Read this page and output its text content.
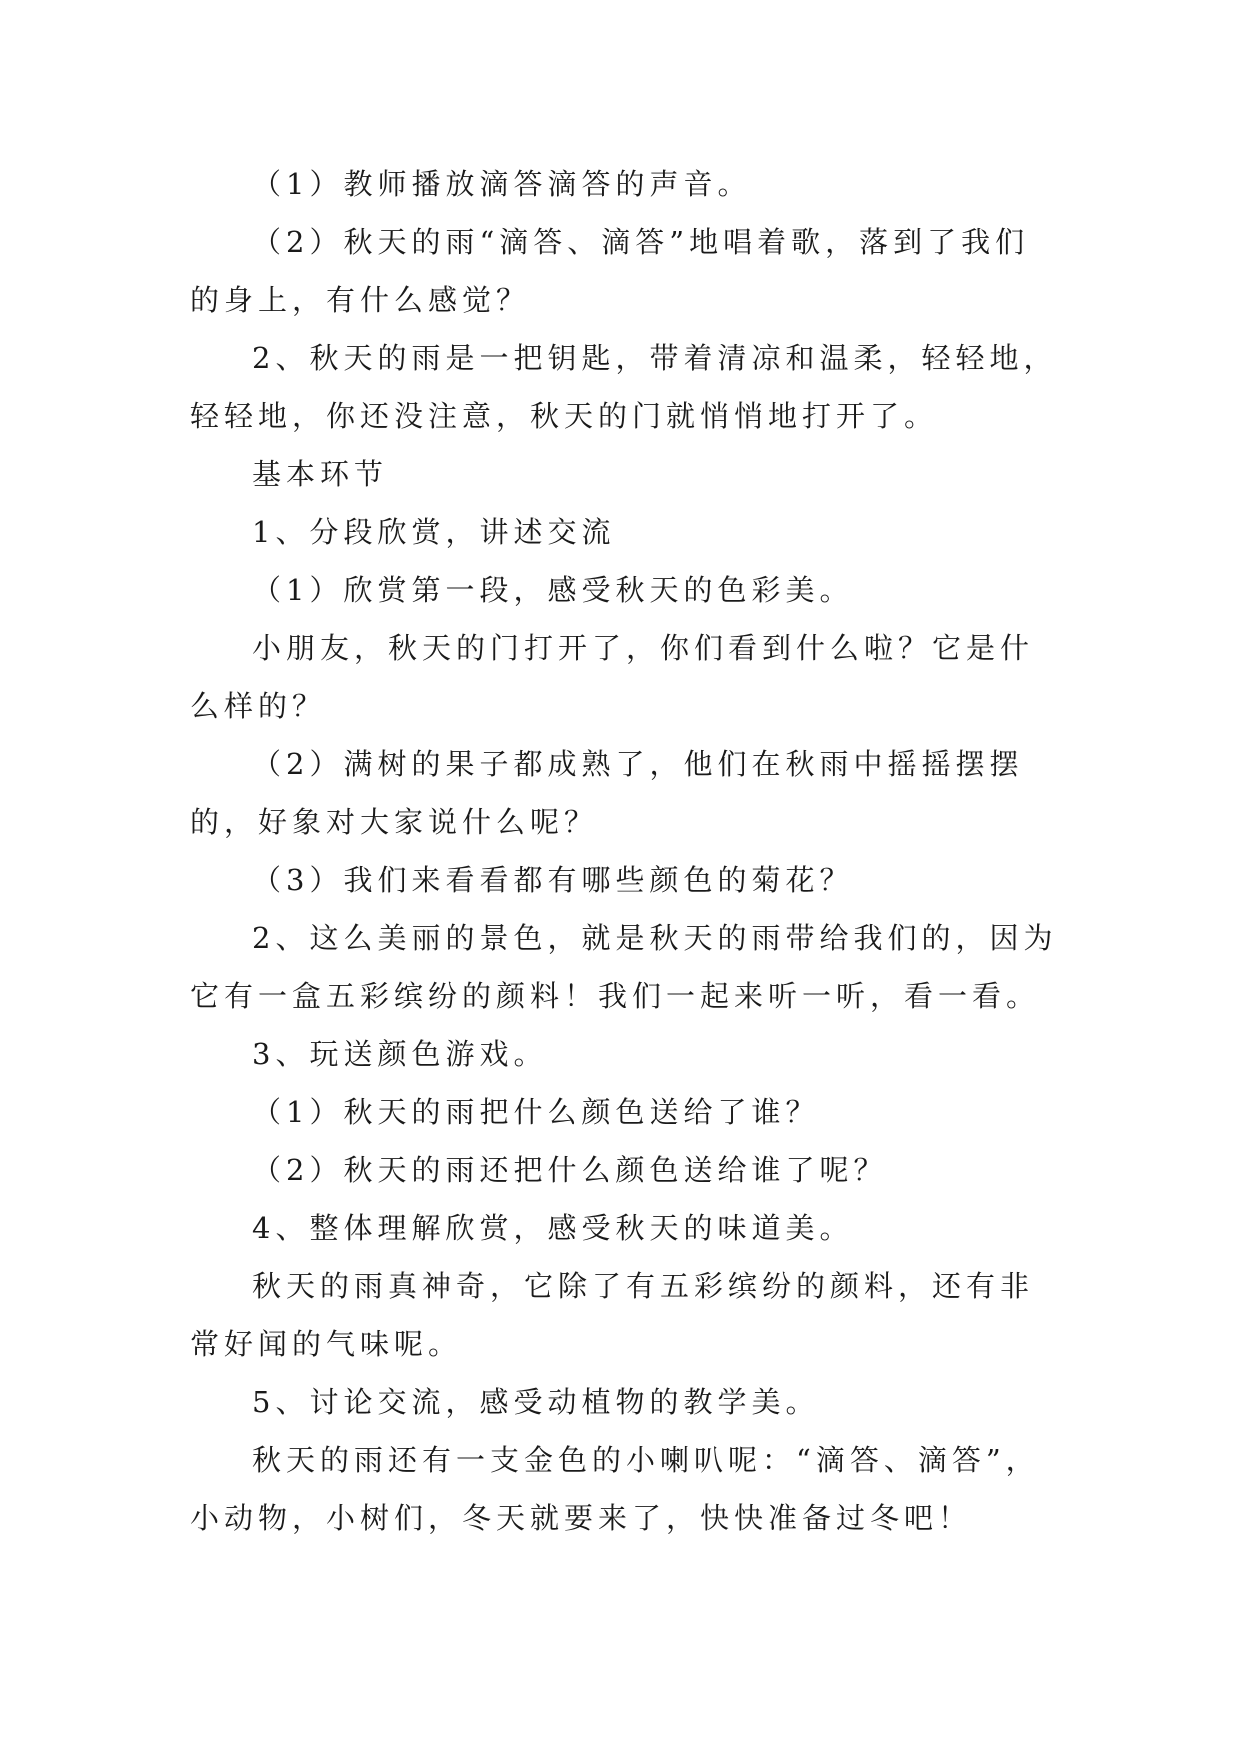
（1）教师播放滴答滴答的声音。

（2）秋天的雨“滴答、滴答”地唱着歌，落到了我们的身上，有什么感觉？

2、秋天的雨是一把钥匙，带着清凉和温柔，轻轻地，轻轻地，你还没注意，秋天的门就悄悄地打开了。

基本环节

1、分段欣赏，讲述交流

（1）欣赏第一段，感受秋天的色彩美。

小朋友，秋天的门打开了，你们看到什么啦？它是什么样的？

（2）满树的果子都成熟了，他们在秋雨中摇摇摆摆的，好象对大家说什么呢？

（3）我们来看看都有哪些颜色的菊花？

2、这么美丽的景色，就是秋天的雨带给我们的，因为它有一盒五彩缤纷的颜料！我们一起来听一听，看一看。

3、玩送颜色游戏。

（1）秋天的雨把什么颜色送给了谁？

（2）秋天的雨还把什么颜色送给谁了呢？

4、整体理解欣赏，感受秋天的味道美。

秋天的雨真神奇，它除了有五彩缤纷的颜料，还有非常好闻的气味呢。

5、讨论交流，感受动植物的教学美。

秋天的雨还有一支金色的小喇叭呢：“滴答、滴答”，小动物，小树们，冬天就要来了，快快准备过冬吧！
